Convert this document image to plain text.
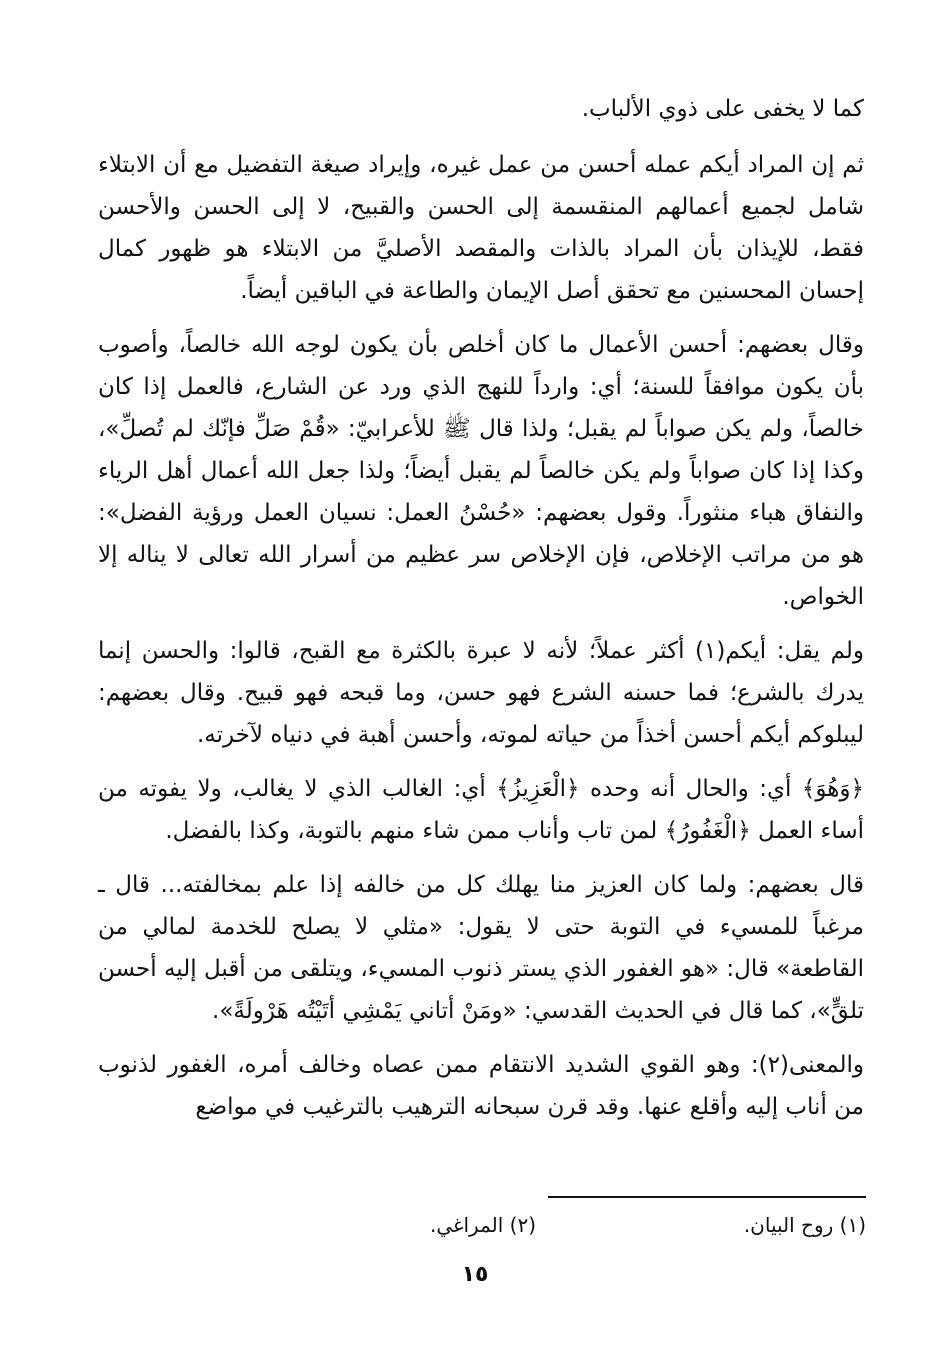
كما لا يخفى على ذوي الألباب.

ثم إن المراد أيكم عمله أحسن من عمل غيره، وإيراد صيغة التفضيل مع أن الابتلاء شامل لجميع أعمالهم المنقسمة إلى الحسن والقبيح، لا إلى الحسن والأحسن فقط، للإيذان بأن المراد بالذات والمقصد الأصليَّ من الابتلاء هو ظهور كمال إحسان المحسنين مع تحقق أصل الإيمان والطاعة في الباقين أيضاً.

وقال بعضهم: أحسن الأعمال ما كان أخلص بأن يكون لوجه الله خالصاً، وأصوب بأن يكون موافقاً للسنة؛ أي: وارداً للنهج الذي ورد عن الشارع، فالعمل إذا كان خالصاً، ولم يكن صواباً لم يقبل؛ ولذا قال ﷺ للأعرابيّ: «قُمْ صَلِّ فإنّك لم تُصلِّ»، وكذا إذا كان صواباً ولم يكن خالصاً لم يقبل أيضاً؛ ولذا جعل الله أعمال أهل الرياء والنفاق هباء منثوراً. وقول بعضهم: «حُسْنُ العمل: نسيان العمل ورؤية الفضل»: هو من مراتب الإخلاص، فإن الإخلاص سر عظيم من أسرار الله تعالى لا يناله إلا الخواص.

ولم يقل: أيكم(١) أكثر عملاً؛ لأنه لا عبرة بالكثرة مع القبح، قالوا: والحسن إنما يدرك بالشرع؛ فما حسنه الشرع فهو حسن، وما قبحه فهو قبيح. وقال بعضهم: ليبلوكم أيكم أحسن أخذاً من حياته لموته، وأحسن أهبة في دنياه لآخرته.

﴿وَهُوَ﴾ أي: والحال أنه وحده ﴿الْعَزِيزُ﴾ أي: الغالب الذي لا يغالب، ولا يفوته من أساء العمل ﴿الْغَفُورُ﴾ لمن تاب وأناب ممن شاء منهم بالتوبة، وكذا بالفضل.

قال بعضهم: ولما كان العزيز منا يهلك كل من خالفه إذا علم بمخالفته... قال ـ مرغباً للمسيء في التوبة حتى لا يقول: «مثلي لا يصلح للخدمة لمالي من القاطعة» قال: «هو الغفور الذي يستر ذنوب المسيء، ويتلقى من أقبل إليه أحسن تلقٍّ»، كما قال في الحديث القدسي: «ومَنْ أتاني يَمْشِي أتَيْتُه هَرْولَةً».

والمعنى(٢): وهو القوي الشديد الانتقام ممن عصاه وخالف أمره، الغفور لذنوب من أناب إليه وأقلع عنها. وقد قرن سبحانه الترهيب بالترغيب في مواضع

(١) روح البيان.
(٢) المراغي.
١٥
